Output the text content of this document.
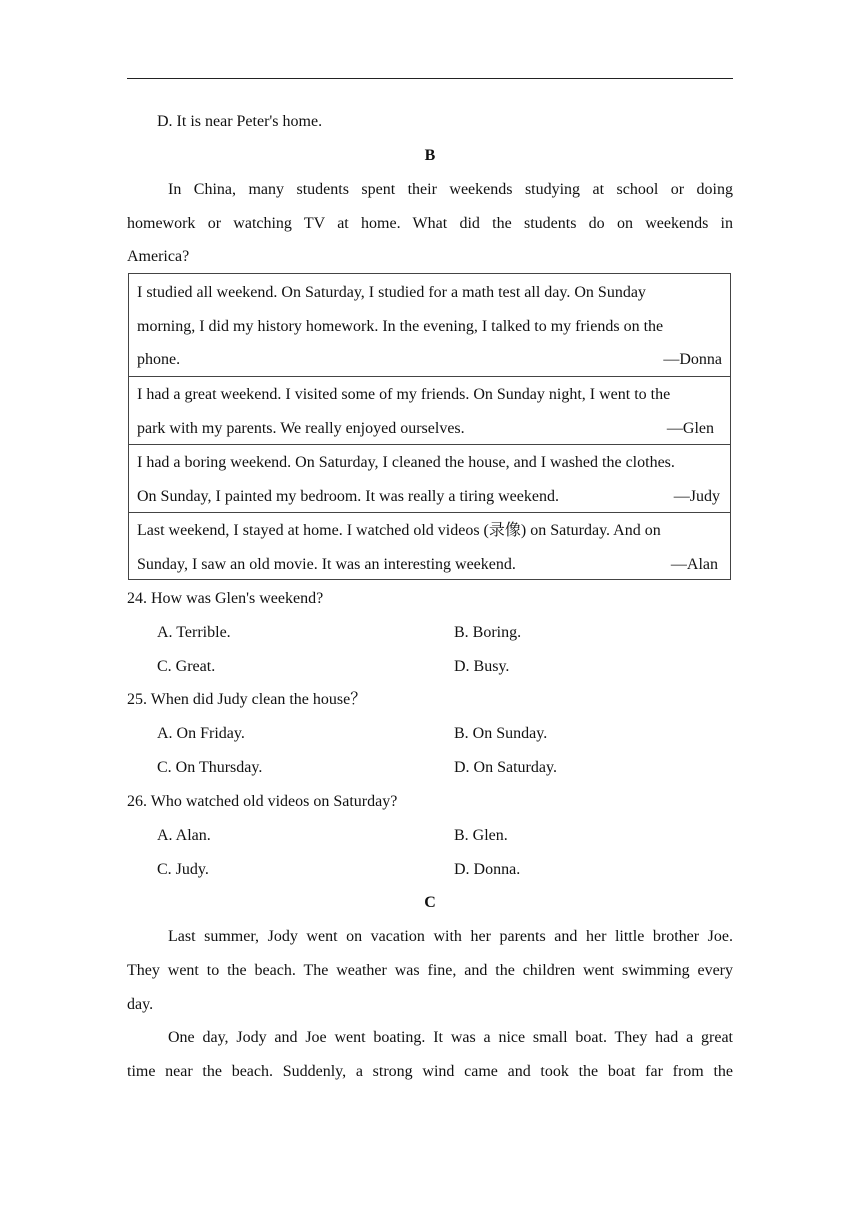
D. It is near Peter's home.
B
In China, many students spent their weekends studying at school or doing
homework or watching TV at home. What did the students do on weekends in
America?
I studied all weekend. On Saturday, I studied for a math test all day. On Sunday
morning, I did my history homework. In the evening, I talked to my friends on the
phone.	—Donna
I had a great weekend. I visited some of my friends. On Sunday night, I went to the
park with my parents. We really enjoyed ourselves.	—Glen
I had a boring weekend. On Saturday, I cleaned the house, and I washed the clothes.
On Sunday, I painted my bedroom. It was really a tiring weekend.	—Judy
Last weekend, I stayed at home. I watched old videos (录像) on Saturday. And on
Sunday, I saw an old movie. It was an interesting weekend.	—Alan
24. How was Glen's weekend?
A. Terrible.	B. Boring.
C. Great.	D. Busy.
25. When did Judy clean the house？
A. On Friday.	B. On Sunday.
C. On Thursday.	D. On Saturday.
26. Who watched old videos on Saturday?
A. Alan.	B. Glen.
C. Judy.	D. Donna.
C
Last summer, Jody went on vacation with her parents and her little brother Joe.
They went to the beach. The weather was fine, and the children went swimming every
day.
One day, Jody and Joe went boating. It was a nice small boat. They had a great
time near the beach. Suddenly, a strong wind came and took the boat far from the
